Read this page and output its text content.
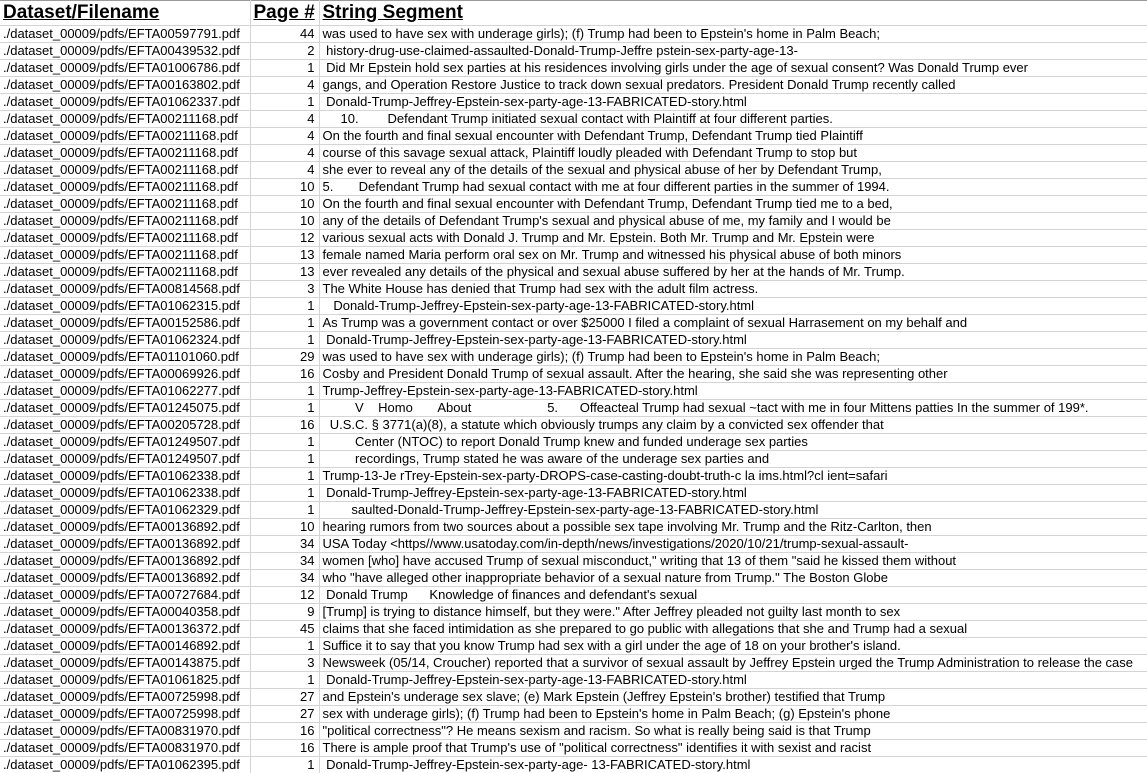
Dataset/Filename	Page #	String Segment
./dataset_00009/pdfs/EFTA00597791.pdf	44	was used to have sex with underage girls); (f) Trump had been to Epstein's home in Palm Beach;
./dataset_00009/pdfs/EFTA00439532.pdf	2	history-drug-use-claimed-assaulted-Donald-Trump-Jeffre pstein-sex-party-age-13-
./dataset_00009/pdfs/EFTA01006786.pdf	1	Did Mr Epstein hold sex parties at his residences involving girls under the age of sexual consent? Was Donald Trump ever
./dataset_00009/pdfs/EFTA00163802.pdf	4	gangs, and Operation Restore Justice to track down sexual predators. President Donald Trump recently called
./dataset_00009/pdfs/EFTA01062337.pdf	1	Donald-Trump-Jeffrey-Epstein-sex-party-age-13-FABRICATED-story.html
./dataset_00009/pdfs/EFTA00211168.pdf	4	10.        Defendant Trump initiated sexual contact with Plaintiff at four different parties.
./dataset_00009/pdfs/EFTA00211168.pdf	4	On the fourth and final sexual encounter with Defendant Trump, Defendant Trump tied Plaintiff
./dataset_00009/pdfs/EFTA00211168.pdf	4	course of this savage sexual attack, Plaintiff loudly pleaded with Defendant Trump to stop but
./dataset_00009/pdfs/EFTA00211168.pdf	4	she ever to reveal any of the details of the sexual and physical abuse of her by Defendant Trump,
./dataset_00009/pdfs/EFTA00211168.pdf	10	5.       Defendant Trump had sexual contact with me at four different parties in the summer of 1994.
./dataset_00009/pdfs/EFTA00211168.pdf	10	On the fourth and final sexual encounter with Defendant Trump, Defendant Trump tied me to a bed,
./dataset_00009/pdfs/EFTA00211168.pdf	10	any of the details of Defendant Trump's sexual and physical abuse of me, my family and I would be
./dataset_00009/pdfs/EFTA00211168.pdf	12	various sexual acts with Donald J. Trump and Mr. Epstein. Both Mr. Trump and Mr. Epstein were
./dataset_00009/pdfs/EFTA00211168.pdf	13	female named Maria perform oral sex on Mr. Trump and witnessed his physical abuse of both minors
./dataset_00009/pdfs/EFTA00211168.pdf	13	ever revealed any details of the physical and sexual abuse suffered by her at the hands of Mr. Trump.
./dataset_00009/pdfs/EFTA00814568.pdf	3	The White House has denied that Trump had sex with the adult film actress.
./dataset_00009/pdfs/EFTA01062315.pdf	1	Donald-Trump-Jeffrey-Epstein-sex-party-age-13-FABRICATED-story.html
./dataset_00009/pdfs/EFTA00152586.pdf	1	As Trump was a government contact or over $25000 I filed a complaint of sexual Harrasement on my behalf and
./dataset_00009/pdfs/EFTA01062324.pdf	1	Donald-Trump-Jeffrey-Epstein-sex-party-age-13-FABRICATED-story.html
./dataset_00009/pdfs/EFTA01101060.pdf	29	was used to have sex with underage girls); (f) Trump had been to Epstein's home in Palm Beach;
./dataset_00009/pdfs/EFTA00069926.pdf	16	Cosby and President Donald Trump of sexual assault. After the hearing, she said she was representing other
./dataset_00009/pdfs/EFTA01062277.pdf	1	Trump-Jeffrey-Epstein-sex-party-age-13-FABRICATED-story.html
./dataset_00009/pdfs/EFTA01245075.pdf	1	V    Homo       About                     5.      Offeacteal Trump had sexual ~tact with me in four Mittens patties In the summer of 199*.
./dataset_00009/pdfs/EFTA00205728.pdf	16	U.S.C. § 3771(a)(8), a statute which obviously trumps any claim by a convicted sex offender that
./dataset_00009/pdfs/EFTA01249507.pdf	1	Center (NTOC) to report Donald Trump knew and funded underage sex parties
./dataset_00009/pdfs/EFTA01249507.pdf	1	recordings, Trump stated he was aware of the underage sex parties and
./dataset_00009/pdfs/EFTA01062338.pdf	1	Trump-13-Je rTrey-Epstein-sex-party-DROPS-case-casting-doubt-truth-c la ims.html?cl ient=safari
./dataset_00009/pdfs/EFTA01062338.pdf	1	Donald-Trump-Jeffrey-Epstein-sex-party-age-13-FABRICATED-story.html
./dataset_00009/pdfs/EFTA01062329.pdf	1	saulted-Donald-Trump-Jeffrey-Epstein-sex-party-age-13-FABRICATED-story.html
./dataset_00009/pdfs/EFTA00136892.pdf	10	hearing rumors from two sources about a possible sex tape involving Mr. Trump and the Ritz-Carlton, then
./dataset_00009/pdfs/EFTA00136892.pdf	34	USA Today <https//www.usatoday.com/in-depth/news/investigations/2020/10/21/trump-sexual-assault-
./dataset_00009/pdfs/EFTA00136892.pdf	34	women [who] have accused Trump of sexual misconduct," writing that 13 of them "said he kissed them without
./dataset_00009/pdfs/EFTA00136892.pdf	34	who "have alleged other inappropriate behavior of a sexual nature from Trump." The Boston Globe
./dataset_00009/pdfs/EFTA00727684.pdf	12	Donald Trump      Knowledge of finances and defendant's sexual
./dataset_00009/pdfs/EFTA00040358.pdf	9	[Trump] is trying to distance himself, but they were." After Jeffrey pleaded not guilty last month to sex
./dataset_00009/pdfs/EFTA00136372.pdf	45	claims that she faced intimidation as she prepared to go public with allegations that she and Trump had a sexual
./dataset_00009/pdfs/EFTA00146892.pdf	1	Suffice it to say that you know Trump had sex with a girl under the age of 18 on your brother's island.
./dataset_00009/pdfs/EFTA00143875.pdf	3	Newsweek (05/14, Croucher) reported that a survivor of sexual assault by Jeffrey Epstein urged the Trump Administration to release the case
./dataset_00009/pdfs/EFTA01061825.pdf	1	Donald-Trump-Jeffrey-Epstein-sex-party-age-13-FABRICATED-story.html
./dataset_00009/pdfs/EFTA00725998.pdf	27	and Epstein's underage sex slave; (e) Mark Epstein (Jeffrey Epstein's brother) testified that Trump
./dataset_00009/pdfs/EFTA00725998.pdf	27	sex with underage girls); (f) Trump had been to Epstein's home in Palm Beach; (g) Epstein's phone
./dataset_00009/pdfs/EFTA00831970.pdf	16	"political correctness"? He means sexism and racism. So what is really being said is that Trump
./dataset_00009/pdfs/EFTA00831970.pdf	16	There is ample proof that Trump's use of "political correctness" identifies it with sexist and racist
./dataset_00009/pdfs/EFTA01062395.pdf	1	Donald-Trump-Jeffrey-Epstein-sex-party-age- 13-FABRICATED-story.html
